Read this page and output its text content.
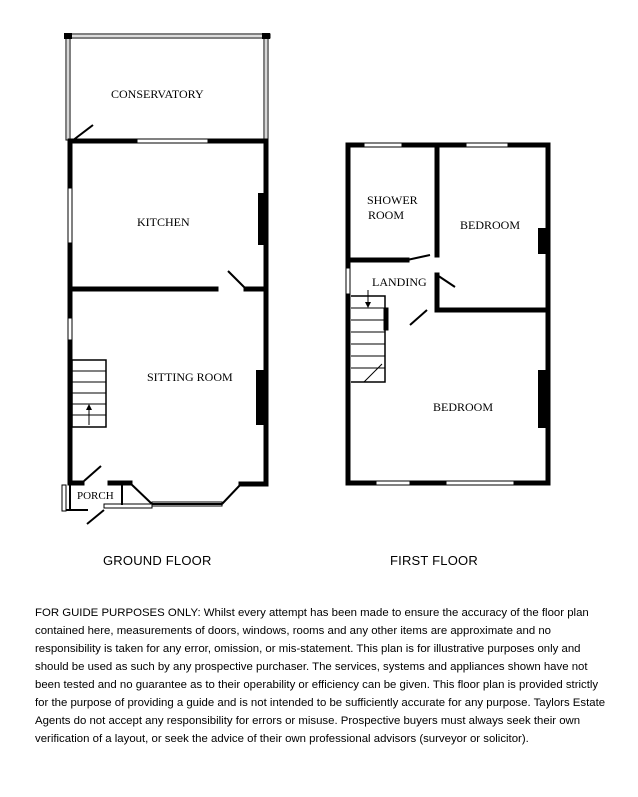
CONSERVATORY
KITCHEN
SITTING ROOM
PORCH
SHOWER
ROOM
BEDROOM
LANDING
BEDROOM
GROUND FLOOR	FIRST FLOOR

FOR GUIDE PURPOSES ONLY: Whilst every attempt has been made to ensure the accuracy of the floor plan contained here, measurements of doors, windows, rooms and any other items are approximate and no responsibility is taken for any error, omission, or mis-statement. This plan is for illustrative purposes only and should be used as such by any prospective purchaser. The services, systems and appliances shown have not been tested and no guarantee as to their operability or efficiency can be given. This floor plan is provided strictly for the purpose of providing a guide and is not intended to be sufficiently accurate for any purpose. Taylors Estate Agents do not accept any responsibility for errors or misuse. Prospective buyers must always seek their own verification of a layout, or seek the advice of their own professional advisors (surveyor or solicitor).
